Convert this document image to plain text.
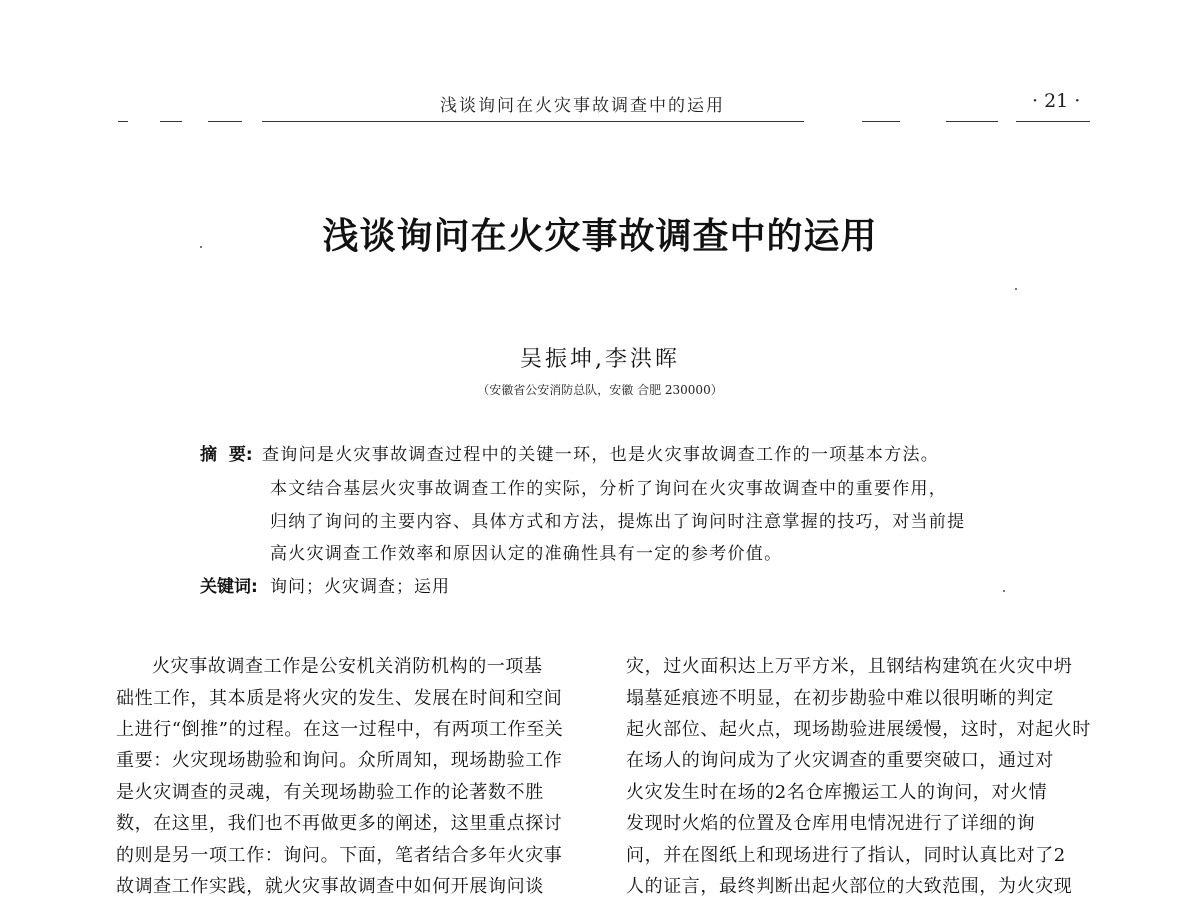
浅谈询问在火灾事故调查中的运用	· 21 ·
浅谈询问在火灾事故调查中的运用
吴振坤,李洪晖
（安徽省公安消防总队，安徽 合肥 230000）
摘 要: 查询问是火灾事故调查过程中的关键一环，也是火灾事故调查工作的一项基本方法。
本文结合基层火灾事故调查工作的实际，分析了询问在火灾事故调查中的重要作用，
归纳了询问的主要内容、具体方式和方法，提炼出了询问时注意掌握的技巧，对当前提
高火灾调查工作效率和原因认定的准确性具有一定的参考价值。
关键词: 询问；火灾调查；运用
火灾事故调查工作是公安机关消防机构的一项基
础性工作，其本质是将火灾的发生、发展在时间和空间
上进行“倒推”的过程。在这一过程中，有两项工作至关
重要：火灾现场勘验和询问。众所周知，现场勘验工作
是火灾调查的灵魂，有关现场勘验工作的论著数不胜
数，在这里，我们也不再做更多的阐述，这里重点探讨
的则是另一项工作：询问。下面，笔者结合多年火灾事
故调查工作实践，就火灾事故调查中如何开展询问谈
灾，过火面积达上万平方米，且钢结构建筑在火灾中坍
塌墓延痕迹不明显，在初步勘验中难以很明晰的判定
起火部位、起火点，现场勘验进展缓慢，这时，对起火时
在场人的询问成为了火灾调查的重要突破口，通过对
火灾发生时在场的2名仓库搬运工人的询问，对火情
发现时火焰的位置及仓库用电情况进行了详细的询
问，并在图纸上和现场进行了指认，同时认真比对了2
人的证言，最终判断出起火部位的大致范围，为火灾现
